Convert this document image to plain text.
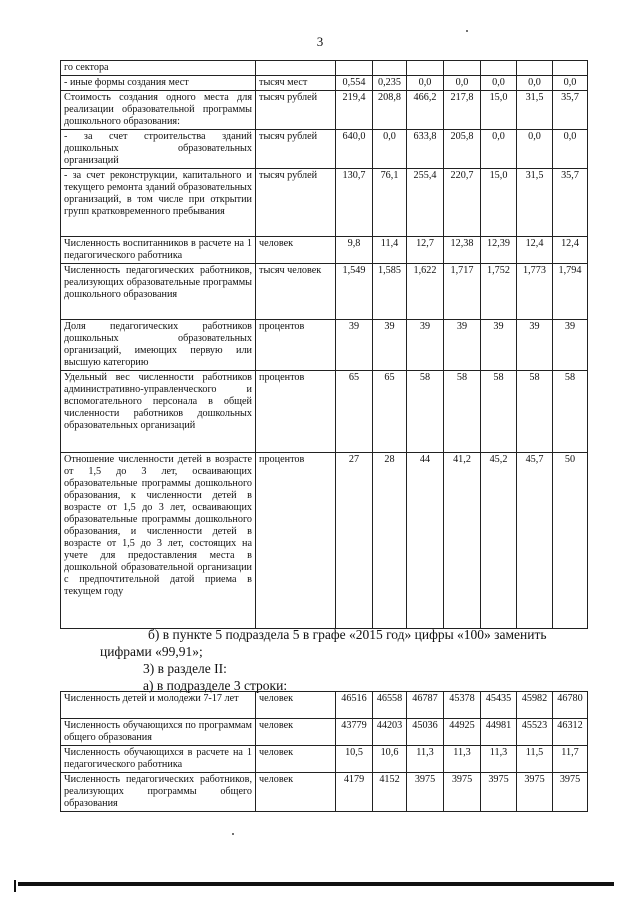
3
го сектора								
- иные формы создания мест	тысяч мест	0,554	0,235	0,0	0,0	0,0	0,0	0,0
Стоимость создания одного места для реализации образовательной программы дошкольного образования:	тысяч рублей	219,4	208,8	466,2	217,8	15,0	31,5	35,7
- за счет строительства зданий дошкольных образовательных организаций	тысяч рублей	640,0	0,0	633,8	205,8	0,0	0,0	0,0
- за счет реконструкции, капитального и текущего ремонта зданий образовательных организаций, в том числе при открытии групп кратковременного пребывания	тысяч рублей	130,7	76,1	255,4	220,7	15,0	31,5	35,7
Численность воспитанников в расчете на 1 педагогического работника	человек	9,8	11,4	12,7	12,38	12,39	12,4	12,4
Численность педагогических работников, реализующих образовательные программы дошкольного образования	тысяч человек	1,549	1,585	1,622	1,717	1,752	1,773	1,794
Доля педагогических работников дошкольных образовательных организаций, имеющих первую или высшую категорию	процентов	39	39	39	39	39	39	39
Удельный вес численности работников административно-управленческого и вспомогательного персонала в общей численности работников дошкольных образовательных организаций	процентов	65	65	58	58	58	58	58
Отношение численности детей в возрасте от 1,5 до 3 лет, осваивающих образовательные программы дошкольного образования, к численности детей в возрасте от 1,5 до 3 лет, осваивающих образовательные программы дошкольного образования, и численности детей в возрасте от 1,5 до 3 лет, состоящих на учете для предоставления места в дошкольной образовательной организации с предпочтительной датой приема в текущем году	процентов	27	28	44	41,2	45,2	45,7	50
б) в пункте 5 подраздела 5 в графе «2015 год» цифры «100» заменить
цифрами «99,91»;
3) в разделе II:
а) в подразделе 3 строки:
Численность детей и молодежи 7-17 лет	человек	46516	46558	46787	45378	45435	45982	46780
Численность обучающихся по программам общего образования	человек	43779	44203	45036	44925	44981	45523	46312
Численность обучающихся в расчете на 1 педагогического работника	человек	10,5	10,6	11,3	11,3	11,3	11,5	11,7
Численность педагогических работников, реализующих программы общего образования	человек	4179	4152	3975	3975	3975	3975	3975
